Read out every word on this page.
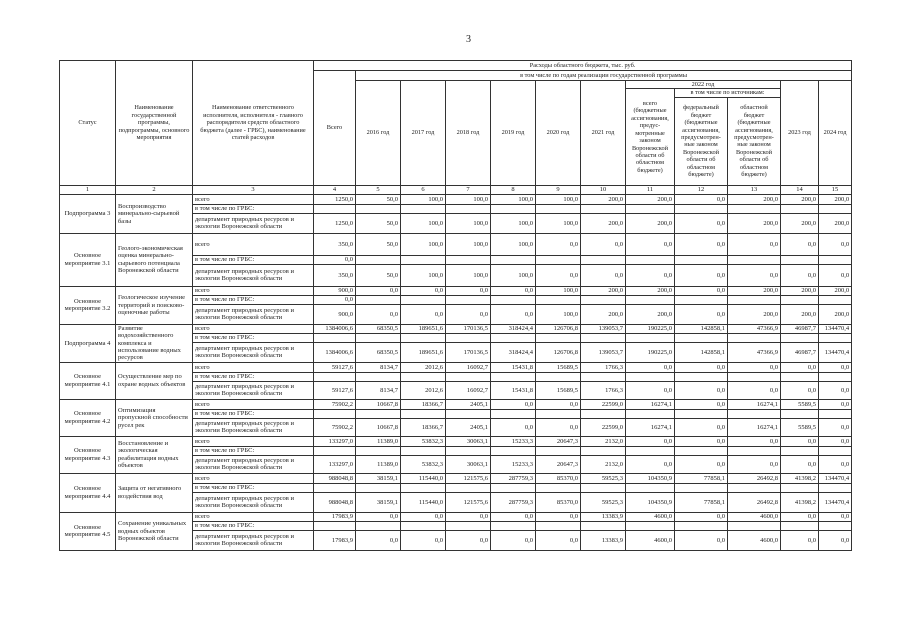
3
Статус	Наименование государственной программы, подпрограммы, основного мероприятия	Наименование ответственного исполнителя, исполнителя - главного распорядителя средств областного бюджета (далее - ГРБС), наименование статей расходов	Расходы областного бюджета, тыс. руб.											
			Всего	в том числе по годам реализации государственной программы										
				2016 год	2017 год	2018 год	2019 год	2020 год	2021 год	2022 год			2023 год	2024 год
										всего (бюджетные ассигнования, предус-мотренные законом Воронежской области об областном бюджете)	в том числе по источникам:			
											федеральный бюджет (бюджетные ассигнования, предусмотрен-ные законом Воронежской области об областном бюджете)	областной бюджет (бюджетные ассигнования, предусмотрен-ные законом Воронежской области об областном бюджете)		
1	2	3	4	5	6	7	8	9	10	11	12	13	14	15
Подпрограмма 3	Воспроизводство минерально-сырьевой базы	всего	1250,0	50,0	100,0	100,0	100,0	100,0	200,0	200,0	0,0	200,0	200,0	200,0
		в том числе по ГРБС:												
		департамент природных ресурсов и экологии Воронежской области	1250,0	50,0	100,0	100,0	100,0	100,0	200,0	200,0	0,0	200,0	200,0	200,0
Основное мероприятие 3.1	Геолого-экономическая оценка минерально-сырьевого потенциала Воронежской области	всего	350,0	50,0	100,0	100,0	100,0	0,0	0,0	0,0	0,0	0,0	0,0	0,0
		в том числе по ГРБС:	0,0											
		департамент природных ресурсов и экологии Воронежской области	350,0	50,0	100,0	100,0	100,0	0,0	0,0	0,0	0,0	0,0	0,0	0,0
Основное мероприятие 3.2	Геологическое изучение территорий и поисково-оценочные работы	всего	900,0	0,0	0,0	0,0	0,0	100,0	200,0	200,0	0,0	200,0	200,0	200,0
		в том числе по ГРБС:	0,0											
		департамент природных ресурсов и экологии Воронежской области	900,0	0,0	0,0	0,0	0,0	100,0	200,0	200,0	0,0	200,0	200,0	200,0
Подпрограмма 4	Развитие водохозяйственного комплекса и использование водных ресурсов	всего	1384006,6	68350,5	189651,6	170136,5	318424,4	126706,8	139053,7	190225,0	142858,1	47366,9	46987,7	134470,4
		в том числе по ГРБС:												
		департамент природных ресурсов и экологии Воронежской области	1384006,6	68350,5	189651,6	170136,5	318424,4	126706,8	139053,7	190225,0	142858,1	47366,9	46987,7	134470,4
Основное мероприятие 4.1	Осуществление мер по охране водных объектов	всего	59127,6	8134,7	2012,6	16092,7	15431,8	15689,5	1766,3	0,0	0,0	0,0	0,0	0,0
		в том числе по ГРБС:												
		департамент природных ресурсов и экологии Воронежской области	59127,6	8134,7	2012,6	16092,7	15431,8	15689,5	1766,3	0,0	0,0	0,0	0,0	0,0
Основное мероприятие 4.2	Оптимизация пропускной способности русел рек	всего	75902,2	10667,8	18366,7	2405,1	0,0	0,0	22599,0	16274,1	0,0	16274,1	5589,5	0,0
		в том числе по ГРБС:												
		департамент природных ресурсов и экологии Воронежской области	75902,2	10667,8	18366,7	2405,1	0,0	0,0	22599,0	16274,1	0,0	16274,1	5589,5	0,0
Основное мероприятие 4.3	Восстановление и экологическая реабилитация водных объектов	всего	133297,0	11389,0	53832,3	30063,1	15233,3	20647,3	2132,0	0,0	0,0	0,0	0,0	0,0
		в том числе по ГРБС:												
		департамент природных ресурсов и экологии Воронежской области	133297,0	11389,0	53832,3	30063,1	15233,3	20647,3	2132,0	0,0	0,0	0,0	0,0	0,0
Основное мероприятие 4.4	Защита от негативного воздействия вод	всего	988048,8	38159,1	115440,0	121575,6	287759,3	85370,0	59525,3	104350,9	77858,1	26492,8	41398,2	134470,4
		в том числе по ГРБС:												
		департамент природных ресурсов и экологии Воронежской области	988048,8	38159,1	115440,0	121575,6	287759,3	85370,0	59525,3	104350,9	77858,1	26492,8	41398,2	134470,4
Основное мероприятие 4.5	Сохранение уникальных водных объектов Воронежской области	всего	17983,9	0,0	0,0	0,0	0,0	0,0	13383,9	4600,0	0,0	4600,0	0,0	0,0
		в том числе по ГРБС:												
		департамент природных ресурсов и экологии Воронежской области	17983,9	0,0	0,0	0,0	0,0	0,0	13383,9	4600,0	0,0	4600,0	0,0	0,0
